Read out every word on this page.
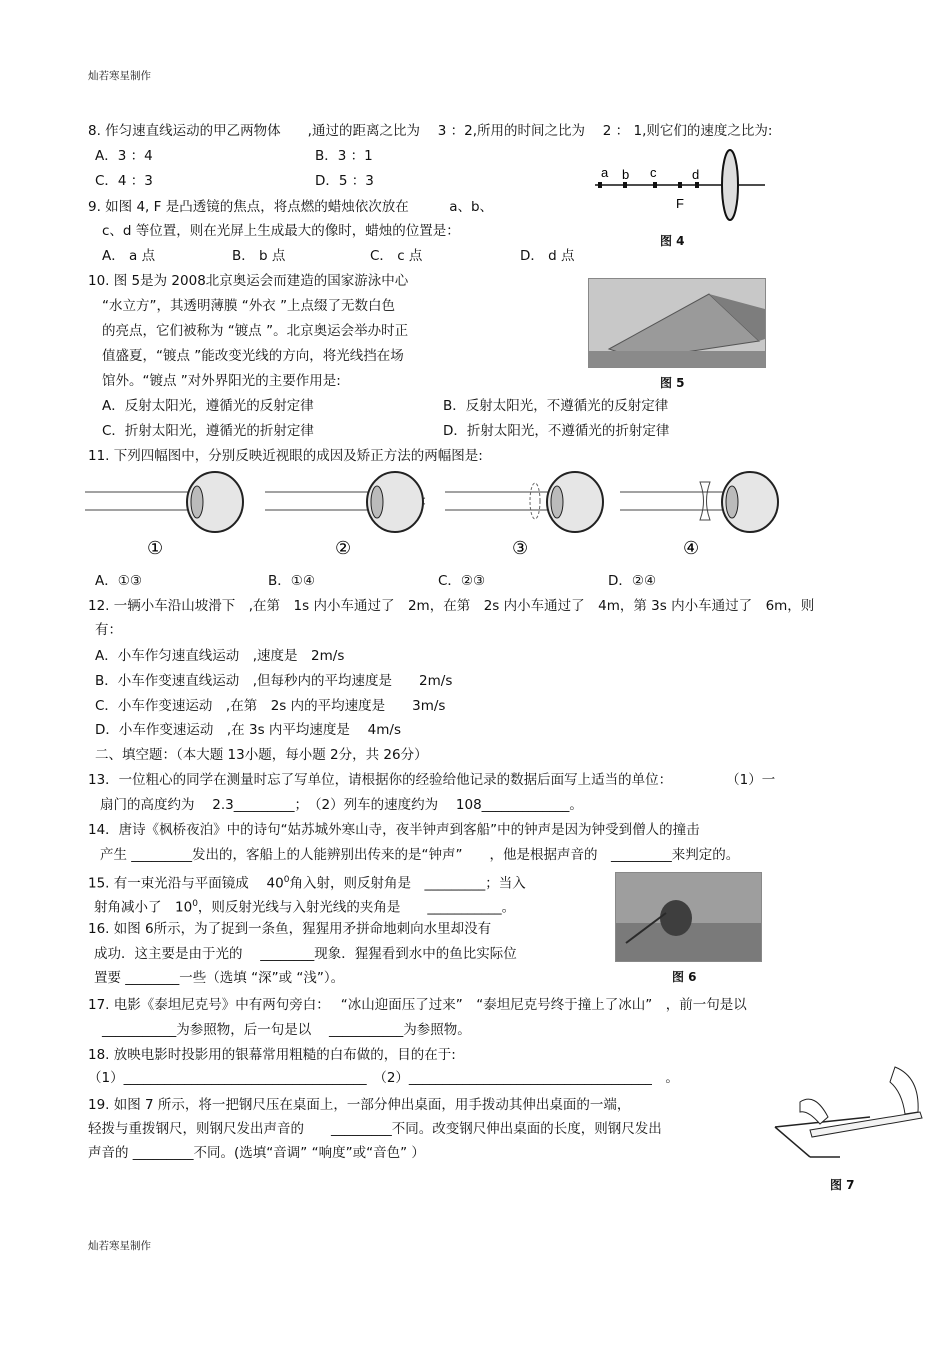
灿若寒星制作
8. 作匀速直线运动的甲乙两物体　　,通过的距离之比为　 3 ：2,所用的时间之比为　 2 ： 1,则它们的速度之比为:
A．3 ：4	B．3 ：1
C．4 ：3	D．5 ：3
a b c	d
F
图 4
9. 如图 4, F 是凸透镜的焦点，将点燃的蜡烛依次放在　　　a、b、
c、d 等位置，则在光屏上生成最大的像时，蜡烛的位置是：
A． a 点	B． b 点	C． c 点	D． d 点
10. 图 5是为 2008北京奥运会而建造的国家游泳中心
“水立方”，其透明薄膜 “外衣 ”上点缀了无数白色
的亮点，它们被称为 “镀点 ”。北京奥运会举办时正
值盛夏，“镀点 ”能改变光线的方向，将光线挡在场
馆外。“镀点 ”对外界阳光的主要作用是:
A．反射太阳光，遵循光的反射定律	B．反射太阳光，不遵循光的反射定律
C．折射太阳光，遵循光的折射定律	D．折射太阳光，不遵循光的折射定律
图 5
11. 下列四幅图中，分别反映近视眼的成因及矫正方法的两幅图是:
①	②	③	④
A．①③	B．①④	C．②③	D．②④
12. 一辆小车沿山坡滑下　,在第　1s 内小车通过了　2m，在第　2s 内小车通过了　4m，第 3s 内小车通过了　6m，则
有：
A．小车作匀速直线运动　,速度是　2m/s
B．小车作变速直线运动　,但每秒内的平均速度是　　2m/s
C．小车作变速运动　,在第　2s 内的平均速度是　　3m/s
D．小车作变速运动　,在 3s 内平均速度是　 4m/s
二、填空题：（本大题 13小题，每小题 2分，共 26分）
13．一位粗心的同学在测量时忘了写单位，请根据你的经验给他记录的数据后面写上适当的单位：　　　　　（1）一
扇门的高度约为　 2.3_________；　（2）列车的速度约为　 108_____________。
14．唐诗《枫桥夜泊》中的诗句“姑苏城外寒山寺，夜半钟声到客船”中的钟声是因为钟受到僧人的撞击
产生 _________发出的，客船上的人能辨别出传来的是“钟声”　　，他是根据声音的　_________来判定的。
15. 有一束光沿与平面镜成　 $40^0$角入射，则反射角是　_________；当入
射角减小了　$10^0$，则反射光线与入射光线的夹角是　　___________。
图 6
16. 如图 6所示，为了捉到一条鱼，猩猩用矛拼命地刺向水里却没有
成功．这主要是由于光的　 ________现象．猩猩看到水中的鱼比实际位
置要 ________一些（选填 “深”或 “浅”）。
17. 电影《泰坦尼克号》中有两句旁白：　 “冰山迎面压了过来”　“泰坦尼克号终于撞上了冰山”　，前一句是以
___________为参照物，后一句是以　 ___________为参照物。
18. 放映电影时投影用的银幕常用粗糙的白布做的，目的在于:
（1）____________________________________　（2）____________________________________　。
19. 如图 7 所示，将一把钢尺压在桌面上，一部分伸出桌面，用手拨动其伸出桌面的一端，
轻拨与重拨钢尺，则钢尺发出声音的　　_________不同。改变钢尺伸出桌面的长度，则钢尺发出
声音的 _________不同。(选填“音调” “响度”或“音色” ）
图 7
灿若寒星制作
